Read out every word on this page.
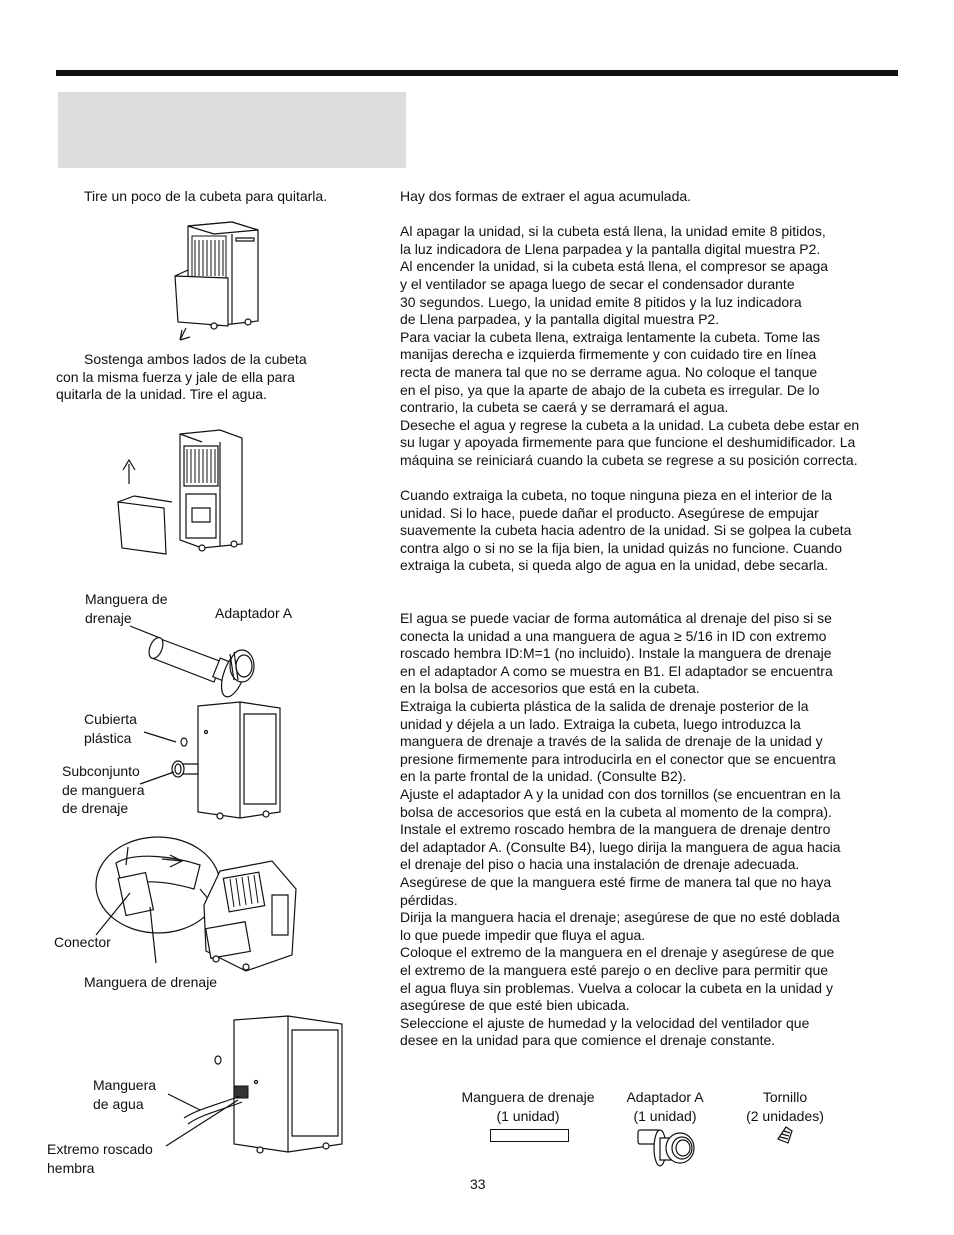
Tire un poco de la cubeta para quitarla.
Sostenga ambos lados de la cubeta
con la misma fuerza y jale de ella para
quitarla de la unidad. Tire el agua.
Manguera de
drenaje	Adaptador A
Cubierta
plástica
Subconjunto
de manguera
de drenaje
Conector
Manguera de drenaje
Manguera
de agua
Extremo roscado
hembra

Hay dos formas de extraer el agua acumulada.

Al apagar la unidad, si la cubeta está llena, la unidad emite 8 pitidos,

la luz indicadora de Llena parpadea y la pantalla digital muestra P2.

Al encender la unidad, si la cubeta está llena, el compresor se apaga

y el ventilador se apaga luego de secar el condensador durante

30 segundos. Luego, la unidad emite 8 pitidos y la luz indicadora

de Llena parpadea, y la pantalla digital muestra P2.

Para vaciar la cubeta llena, extraiga lentamente la cubeta. Tome las

manijas derecha e izquierda firmemente y con cuidado tire en línea

recta de manera tal que no se derrame agua. No coloque el tanque

en el piso, ya que la aparte de abajo de la cubeta es irregular. De lo

contrario, la cubeta se caerá y se derramará el agua.

Deseche el agua y regrese la cubeta a la unidad. La cubeta debe estar en

su lugar y apoyada firmemente para que funcione el deshumidificador. La

máquina se reiniciará cuando la cubeta se regrese a su posición correcta.

Cuando extraiga la cubeta, no toque ninguna pieza en el interior de la

unidad. Si lo hace, puede dañar el producto. Asegúrese de empujar

suavemente la cubeta hacia adentro de la unidad. Si se golpea la cubeta

contra algo o si no se la fija bien, la unidad quizás no funcione. Cuando

extraiga la cubeta, si queda algo de agua en la unidad, debe secarla.

El agua se puede vaciar de forma automática al drenaje del piso si se

conecta la unidad a una manguera de agua ≥ 5/16 in ID con extremo

roscado hembra ID:M=1 (no incluido). Instale la manguera de drenaje

en el adaptador A como se muestra en B1. El adaptador se encuentra

en la bolsa de accesorios que está en la cubeta.

Extraiga la cubierta plástica de la salida de drenaje posterior de la

unidad y déjela a un lado. Extraiga la cubeta, luego introduzca la

manguera de drenaje a través de la salida de drenaje de la unidad y

presione firmemente para introducirla en el conector que se encuentra

en la parte frontal de la unidad. (Consulte B2).

Ajuste el adaptador A y la unidad con dos tornillos (se encuentran en la

bolsa de accesorios que está en la cubeta al momento de la compra).

Instale el extremo roscado hembra de la manguera de drenaje dentro

del adaptador A. (Consulte B4), luego dirija la manguera de agua hacia

el drenaje del piso o hacia una instalación de drenaje adecuada.

Asegúrese de que la manguera esté firme de manera tal que no haya

pérdidas.

Dirija la manguera hacia el drenaje; asegúrese de que no esté doblada

lo que puede impedir que fluya el agua.

Coloque el extremo de la manguera en el drenaje y asegúrese de que

el extremo de la manguera esté parejo o en declive para permitir que

el agua fluya sin problemas. Vuelva a colocar la cubeta en la unidad y

asegúrese de que esté bien ubicada.

Seleccione el ajuste de humedad y la velocidad del ventilador que

desee en la unidad para que comience el drenaje constante.

Manguera de drenaje
(1 unidad)
Adaptador A
(1 unidad)
Tornillo
(2 unidades)
33
